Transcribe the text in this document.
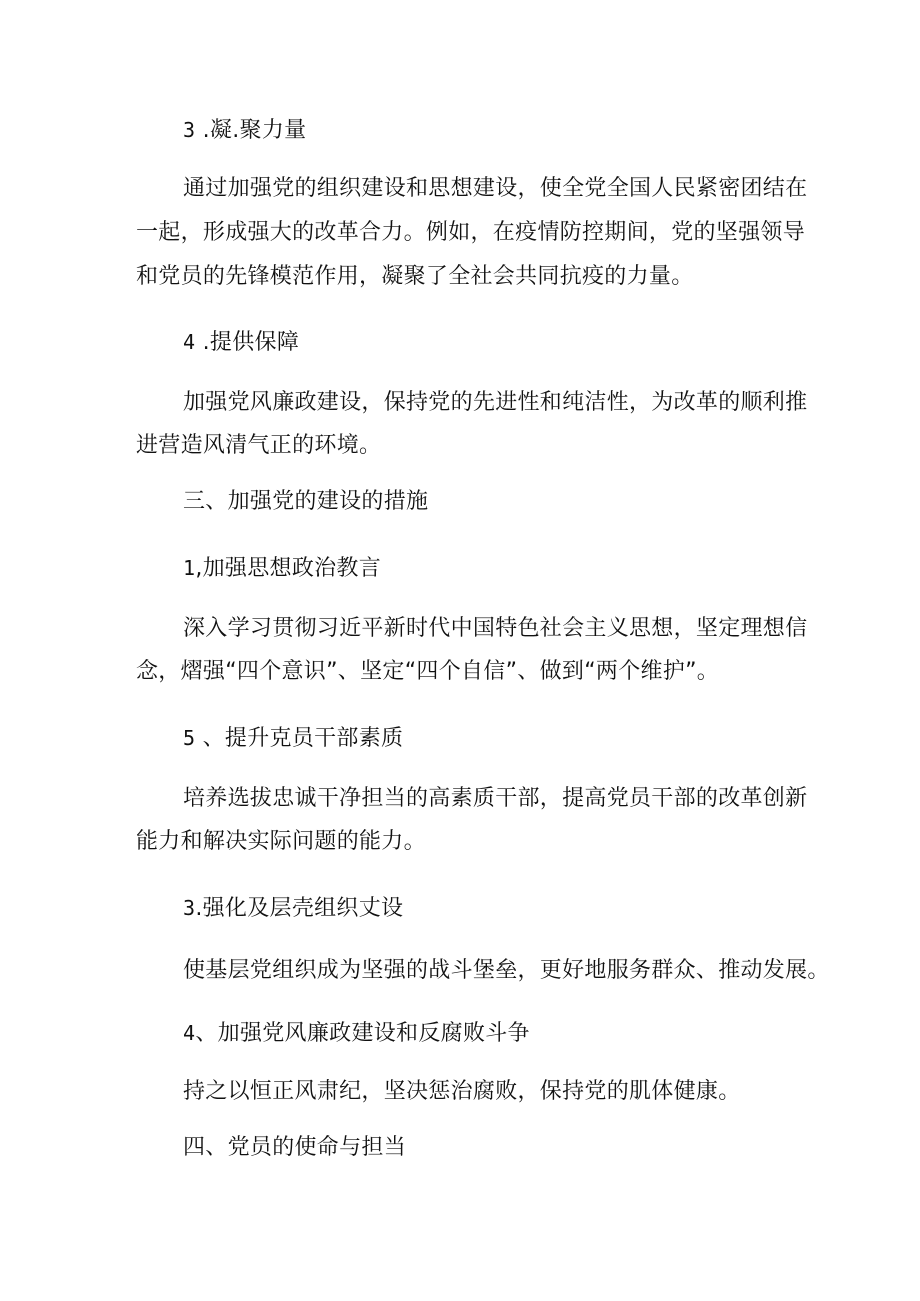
3 .凝.聚力量
通过加强党的组织建设和思想建设，使全党全国人民紧密团结在
一起，形成强大的改革合力。例如，在疫情防控期间，党的坚强领导
和党员的先锋模范作用，凝聚了全社会共同抗疫的力量。
4 .提供保障
加强党风廉政建设，保持党的先进性和纯洁性，为改革的顺利推
进营造风清气正的环境。
三、加强党的建设的措施
1,加强思想政治教言
深入学习贯彻习近平新时代中国特色社会主义思想，坚定理想信
念，熠强“四个意识”、坚定“四个自信”、做到“两个维护”。
5 、提升克员干部素质
培养选拔忠诚干净担当的高素质干部，提高党员干部的改革创新
能力和解决实际问题的能力。
3.强化及层壳组织丈设
使基层党组织成为坚强的战斗堡垒，更好地服务群众、推动发展。
4、加强党风廉政建设和反腐败斗争
持之以恒正风肃纪，坚决惩治腐败，保持党的肌体健康。
四、党员的使命与担当
